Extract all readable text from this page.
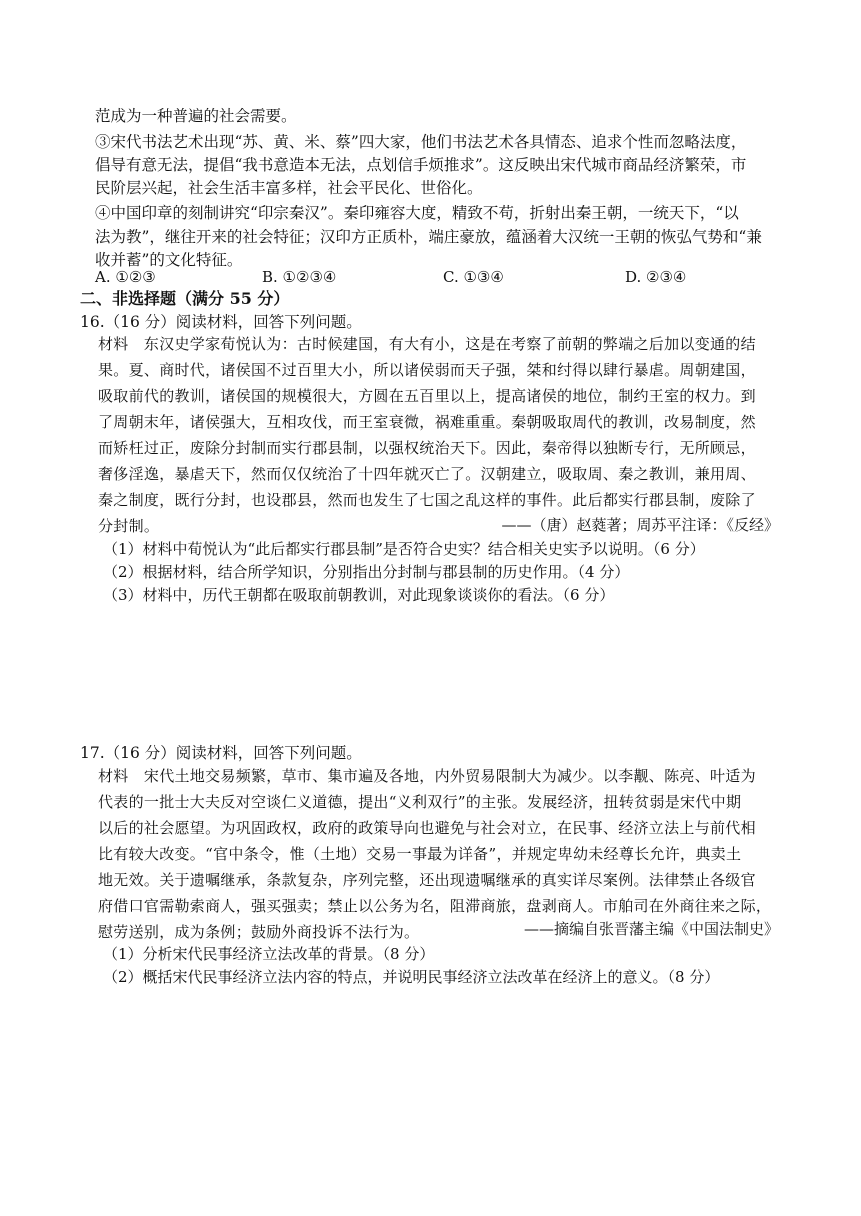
范成为一种普遍的社会需要。
③宋代书法艺术出现“苏、黄、米、蔡”四大家，他们书法艺术各具情态、追求个性而忽略法度，
倡导有意无法，提倡“我书意造本无法，点划信手烦推求”。这反映出宋代城市商品经济繁荣，市
民阶层兴起，社会生活丰富多样，社会平民化、世俗化。
④中国印章的刻制讲究“印宗秦汉”。秦印雍容大度，精致不苟，折射出秦王朝，一统天下，“以
法为教”，继往开来的社会特征；汉印方正质朴，端庄豪放，蕴涵着大汉统一王朝的恢弘气势和“兼
收并蓄”的文化特征。
A. ①②③	B. ①②③④	C. ①③④	D. ②③④
二、非选择题（满分 55 分）
16.（16 分）阅读材料，回答下列问题。
材料　东汉史学家荀悦认为：古时候建国，有大有小，这是在考察了前朝的弊端之后加以变通的结
果。夏、商时代，诸侯国不过百里大小，所以诸侯弱而天子强，桀和纣得以肆行暴虐。周朝建国，
吸取前代的教训，诸侯国的规模很大，方圆在五百里以上，提高诸侯的地位，制约王室的权力。到
了周朝末年，诸侯强大，互相攻伐，而王室衰微，祸难重重。秦朝吸取周代的教训，改易制度，然
而矫枉过正，废除分封制而实行郡县制，以强权统治天下。因此，秦帝得以独断专行，无所顾忌，
奢侈淫逸，暴虐天下，然而仅仅统治了十四年就灭亡了。汉朝建立，吸取周、秦之教训，兼用周、
秦之制度，既行分封，也设郡县，然而也发生了七国之乱这样的事件。此后都实行郡县制，废除了
分封制。	——（唐）赵蕤著；周苏平注译：《反经》
（1）材料中荀悦认为“此后都实行郡县制”是否符合史实？结合相关史实予以说明。（6 分）
（2）根据材料，结合所学知识，分别指出分封制与郡县制的历史作用。（4 分）
（3）材料中，历代王朝都在吸取前朝教训，对此现象谈谈你的看法。（6 分）
17.（16 分）阅读材料，回答下列问题。
材料　宋代土地交易频繁，草市、集市遍及各地，内外贸易限制大为减少。以李觏、陈亮、叶适为
代表的一批士大夫反对空谈仁义道德，提出“义利双行”的主张。发展经济，扭转贫弱是宋代中期
以后的社会愿望。为巩固政权，政府的政策导向也避免与社会对立，在民事、经济立法上与前代相
比有较大改变。“官中条令，惟（土地）交易一事最为详备”，并规定卑幼未经尊长允许，典卖土
地无效。关于遗嘱继承，条款复杂，序列完整，还出现遗嘱继承的真实详尽案例。法律禁止各级官
府借口官需勒索商人，强买强卖；禁止以公务为名，阻滞商旅，盘剥商人。市舶司在外商往来之际，
慰劳送别，成为条例；鼓励外商投诉不法行为。	——摘编自张晋藩主编《中国法制史》
（1）分析宋代民事经济立法改革的背景。（8 分）
（2）概括宋代民事经济立法内容的特点，并说明民事经济立法改革在经济上的意义。（8 分）
